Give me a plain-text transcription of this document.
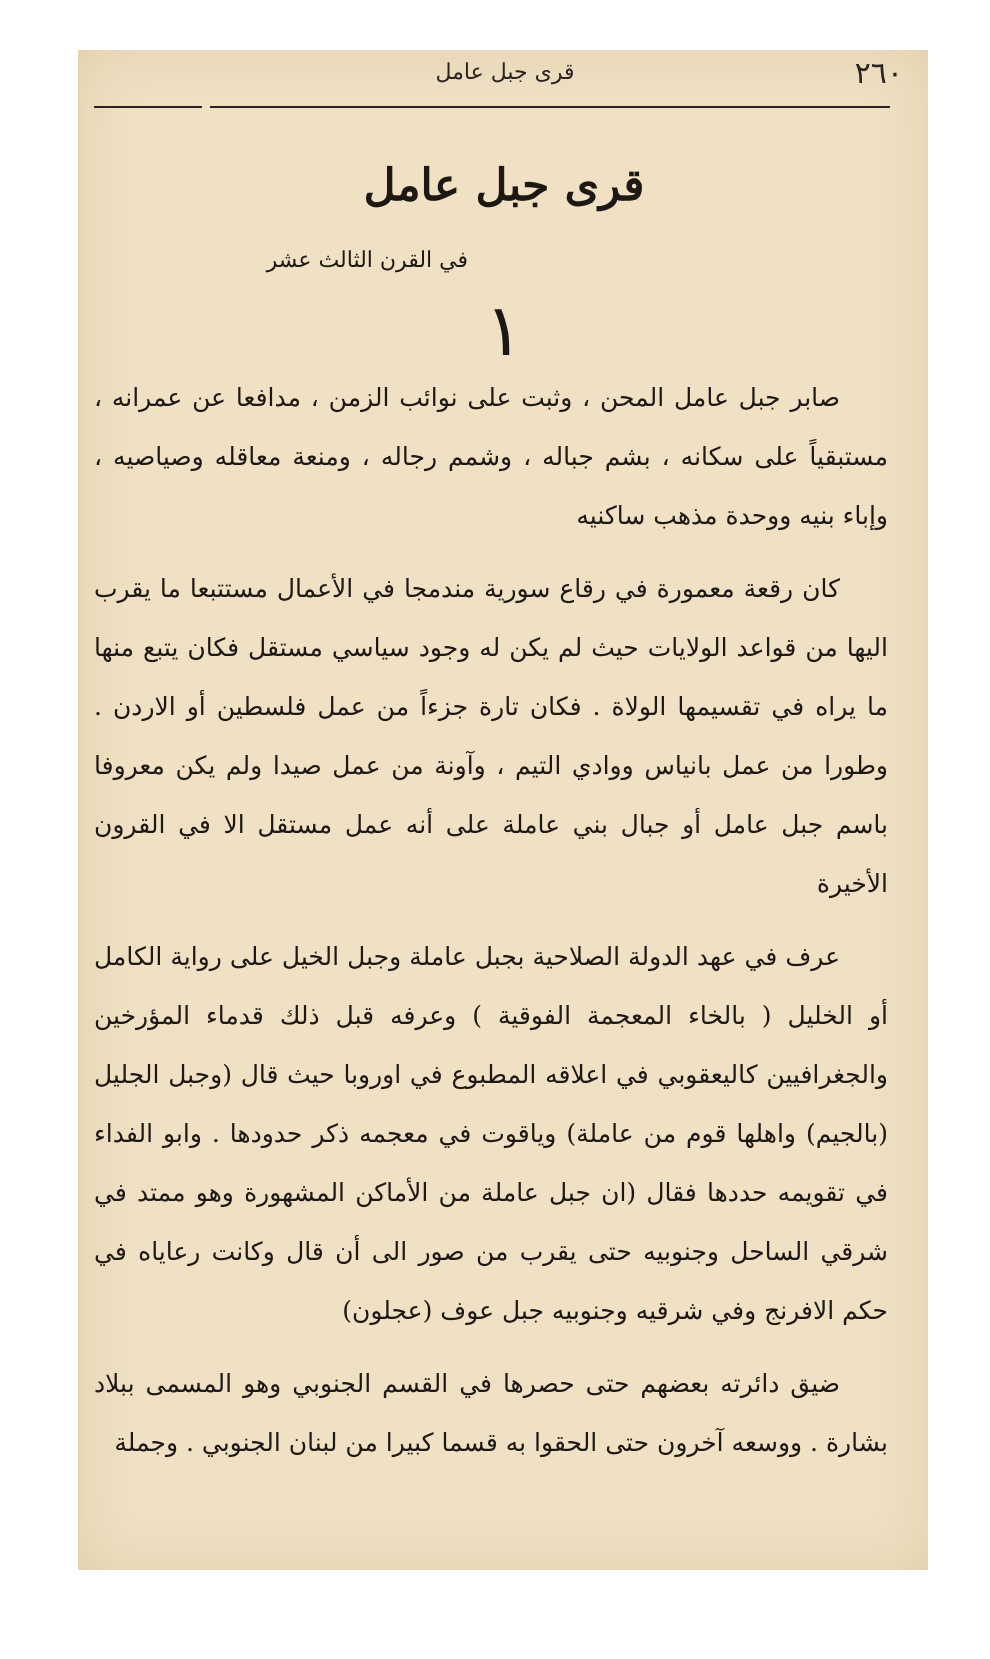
٢٦٠
قرى جبل عامل
قرى جبل عامل
في القرن الثالث عشر
١

صابر جبل عامل المحن ، وثبت على نوائب الزمن ، مدافعا عن عمرانه ، مستبقياً على سكانه ، بشم جباله ، وشمم رجاله ، ومنعة معاقله وصياصيه ، وإباء بنيه ووحدة مذهب ساكنيه

كان رقعة معمورة في رقاع سورية مندمجا في الأعمال مستتبعا ما يقرب اليها من قواعد الولايات حيث لم يكن له وجود سياسي مستقل فكان يتبع منها ما يراه في تقسيمها الولاة . فكان تارة جزءاً من عمل فلسطين أو الاردن . وطورا من عمل بانياس ووادي التيم ، وآونة من عمل صيدا ولم يكن معروفا باسم جبل عامل أو جبال بني عاملة على أنه عمل مستقل الا في القرون الأخيرة

عرف في عهد الدولة الصلاحية بجبل عاملة وجبل الخيل على رواية الكامل أو الخليل ( بالخاء المعجمة الفوقية ) وعرفه قبل ذلك قدماء المؤرخين والجغرافيين كاليعقوبي في اعلاقه المطبوع في اوروبا حيث قال (وجبل الجليل (بالجيم) واهلها قوم من عاملة) وياقوت في معجمه ذكر حدودها . وابو الفداء في تقويمه حددها فقال (ان جبل عاملة من الأماكن المشهورة وهو ممتد في شرقي الساحل وجنوبيه حتى يقرب من صور الى أن قال وكانت رعاياه في حكم الافرنج وفي شرقيه وجنوبيه جبل عوف (عجلون)

ضيق دائرته بعضهم حتى حصرها في القسم الجنوبي وهو المسمى ببلاد بشارة . ووسعه آخرون حتى الحقوا به قسما كبيرا من لبنان الجنوبي . وجملة
